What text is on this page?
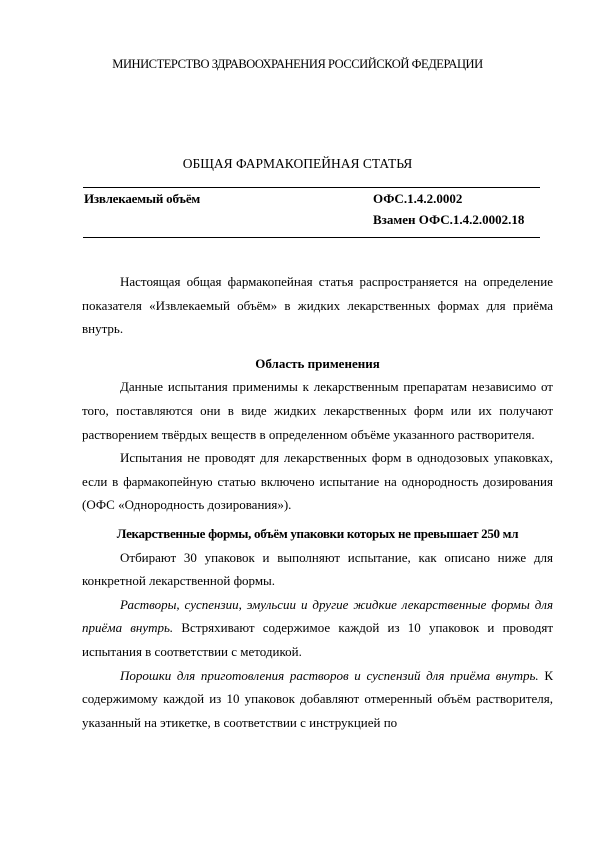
МИНИСТЕРСТВО ЗДРАВООХРАНЕНИЯ РОССИЙСКОЙ ФЕДЕРАЦИИ
ОБЩАЯ ФАРМАКОПЕЙНАЯ СТАТЬЯ
Извлекаемый объём	ОФС.1.4.2.0002
Взамен ОФС.1.4.2.0002.18

Настоящая общая фармакопейная статья распространяется на определение показателя «Извлекаемый объём» в жидких лекарственных формах для приёма внутрь.

Область применения

Данные испытания применимы к лекарственным препаратам независимо от того, поставляются они в виде жидких лекарственных форм или их получают растворением твёрдых веществ в определенном объёме указанного растворителя.

Испытания не проводят для лекарственных форм в однодозовых упаковках, если в фармакопейную статью включено испытание на однородность дозирования (ОФС «Однородность дозирования»).

Лекарственные формы, объём упаковки которых не превышает 250 мл

Отбирают 30 упаковок и выполняют испытание, как описано ниже для конкретной лекарственной формы.

Растворы, суспензии, эмульсии и другие жидкие лекарственные формы для приёма внутрь. Встряхивают содержимое каждой из 10 упаковок и проводят испытания в соответствии с методикой.

Порошки для приготовления растворов и суспензий для приёма внутрь. К содержимому каждой из 10 упаковок добавляют отмеренный объём растворителя, указанный на этикетке, в соответствии с инструкцией по
